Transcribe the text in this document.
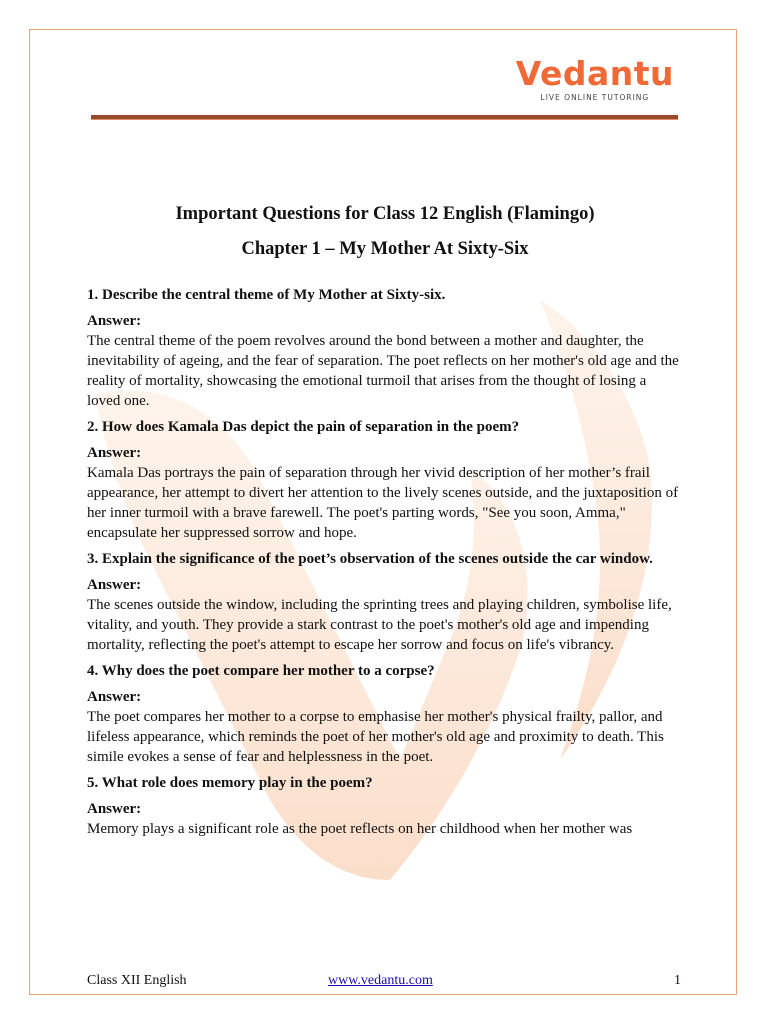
Vedantu
LIVE ONLINE TUTORING
Important Questions for Class 12 English (Flamingo)
Chapter 1 – My Mother At Sixty-Six
1. Describe the central theme of My Mother at Sixty-six.
Answer:
The central theme of the poem revolves around the bond between a mother and daughter, the inevitability of ageing, and the fear of separation. The poet reflects on her mother's old age and the reality of mortality, showcasing the emotional turmoil that arises from the thought of losing a loved one.
2. How does Kamala Das depict the pain of separation in the poem?
Answer:
Kamala Das portrays the pain of separation through her vivid description of her mother’s frail appearance, her attempt to divert her attention to the lively scenes outside, and the juxtaposition of her inner turmoil with a brave farewell. The poet's parting words, "See you soon, Amma," encapsulate her suppressed sorrow and hope.
3. Explain the significance of the poet’s observation of the scenes outside the car window.
Answer:
The scenes outside the window, including the sprinting trees and playing children, symbolise life, vitality, and youth. They provide a stark contrast to the poet's mother's old age and impending mortality, reflecting the poet's attempt to escape her sorrow and focus on life's vibrancy.
4. Why does the poet compare her mother to a corpse?
Answer:
The poet compares her mother to a corpse to emphasise her mother's physical frailty, pallor, and lifeless appearance, which reminds the poet of her mother's old age and proximity to death. This simile evokes a sense of fear and helplessness in the poet.
5. What role does memory play in the poem?
Answer:
Memory plays a significant role as the poet reflects on her childhood when her mother was
Class XII English	www.vedantu.com	1
